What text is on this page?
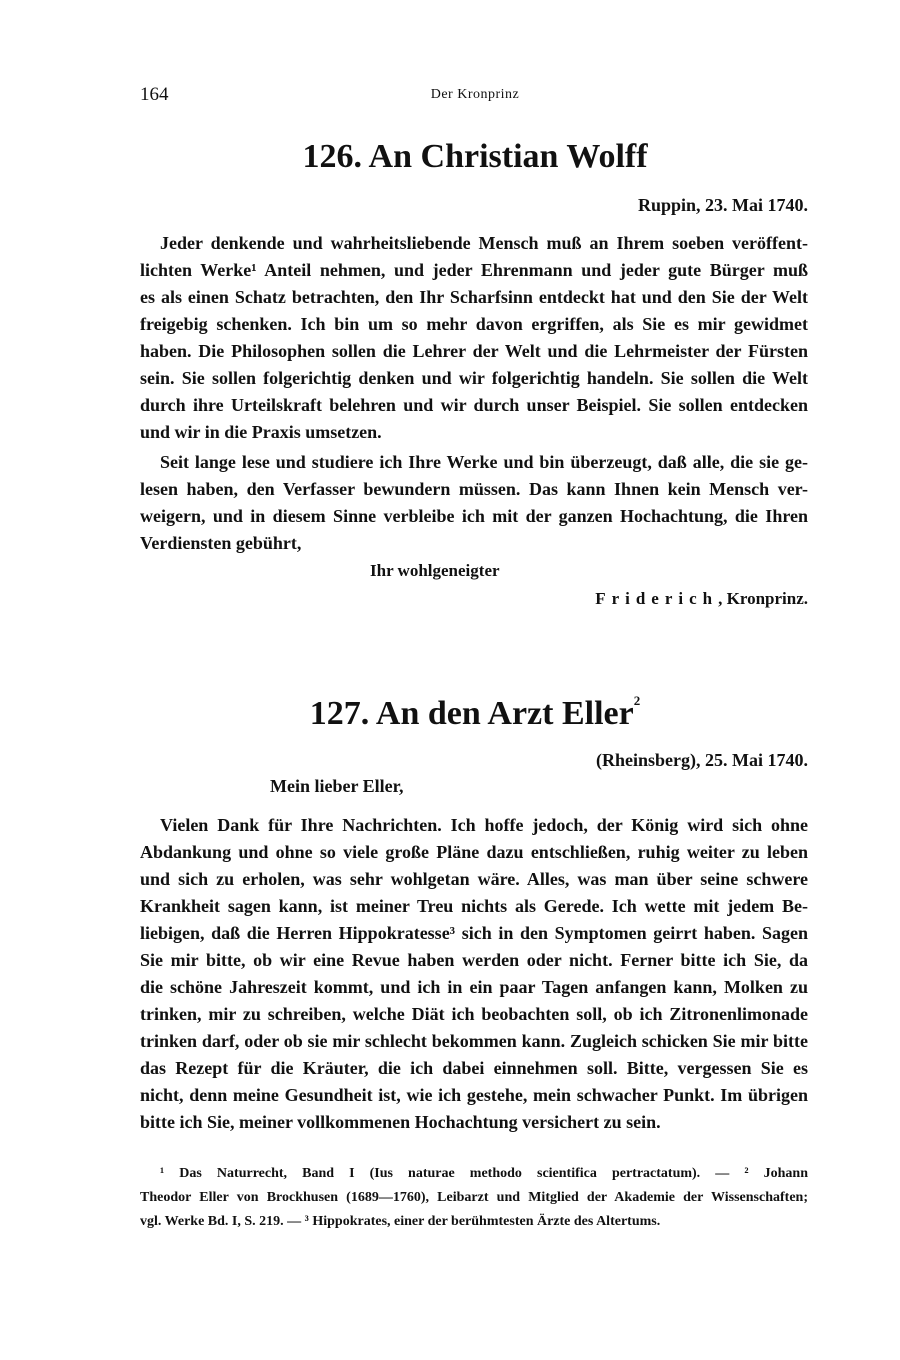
164	Der Kronprinz
126. An Christian Wolff
Ruppin, 23. Mai 1740.
Jeder denkende und wahrheitsliebende Mensch muß an Ihrem soeben veröffent-
lichten Werke¹ Anteil nehmen, und jeder Ehrenmann und jeder gute Bürger muß
es als einen Schatz betrachten, den Ihr Scharfsinn entdeckt hat und den Sie der Welt
freigebig schenken. Ich bin um so mehr davon ergriffen, als Sie es mir gewidmet
haben. Die Philosophen sollen die Lehrer der Welt und die Lehrmeister der Fürsten
sein. Sie sollen folgerichtig denken und wir folgerichtig handeln. Sie sollen die Welt
durch ihre Urteilskraft belehren und wir durch unser Beispiel. Sie sollen entdecken
und wir in die Praxis umsetzen.
Seit lange lese und studiere ich Ihre Werke und bin überzeugt, daß alle, die sie ge-
lesen haben, den Verfasser bewundern müssen. Das kann Ihnen kein Mensch ver-
weigern, und in diesem Sinne verbleibe ich mit der ganzen Hochachtung, die Ihren
Verdiensten gebührt,
Ihr wohlgeneigter
Friderich, Kronprinz.
127. An den Arzt Eller$^2$
(Rheinsberg), 25. Mai 1740.
Mein lieber Eller,
Vielen Dank für Ihre Nachrichten. Ich hoffe jedoch, der König wird sich ohne
Abdankung und ohne so viele große Pläne dazu entschließen, ruhig weiter zu leben
und sich zu erholen, was sehr wohlgetan wäre. Alles, was man über seine schwere
Krankheit sagen kann, ist meiner Treu nichts als Gerede. Ich wette mit jedem Be-
liebigen, daß die Herren Hippokratesse³ sich in den Symptomen geirrt haben. Sagen
Sie mir bitte, ob wir eine Revue haben werden oder nicht. Ferner bitte ich Sie, da
die schöne Jahreszeit kommt, und ich in ein paar Tagen anfangen kann, Molken zu
trinken, mir zu schreiben, welche Diät ich beobachten soll, ob ich Zitronenlimonade
trinken darf, oder ob sie mir schlecht bekommen kann. Zugleich schicken Sie mir bitte
das Rezept für die Kräuter, die ich dabei einnehmen soll. Bitte, vergessen Sie es
nicht, denn meine Gesundheit ist, wie ich gestehe, mein schwacher Punkt. Im übrigen
bitte ich Sie, meiner vollkommenen Hochachtung versichert zu sein.
¹ Das Naturrecht, Band I (Ius naturae methodo scientifica pertractatum). — ² Johann
Theodor Eller von Brockhusen (1689—1760), Leibarzt und Mitglied der Akademie der Wissenschaften;
vgl. Werke Bd. I, S. 219. — ³ Hippokrates, einer der berühmtesten Ärzte des Altertums.
